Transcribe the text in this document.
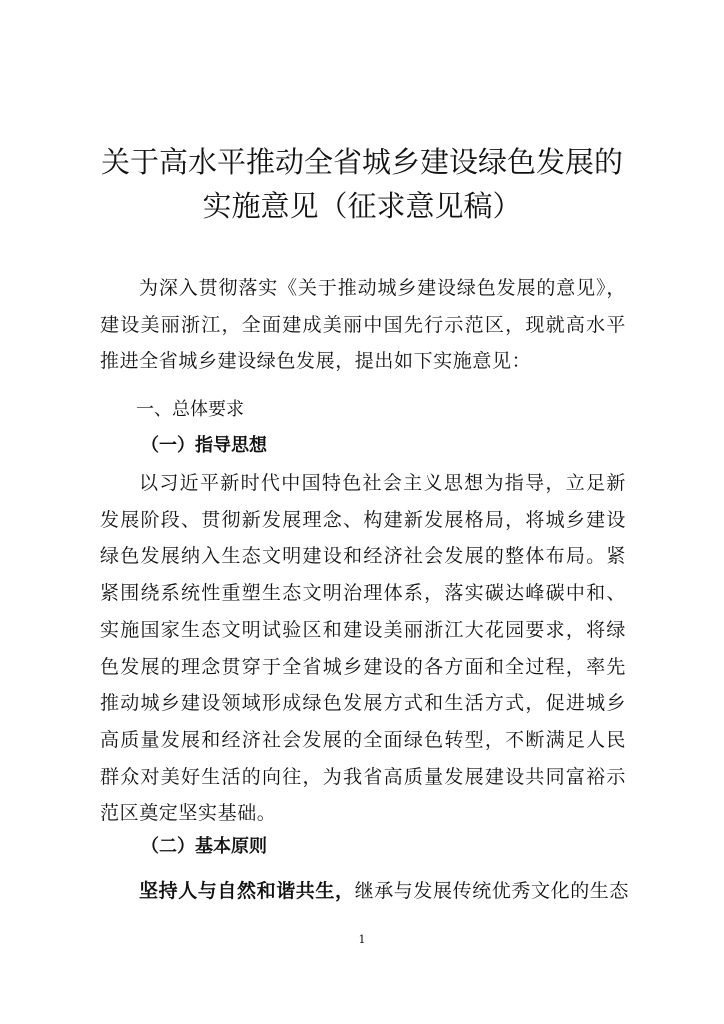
关于高水平推动全省城乡建设绿色发展的
实施意见（征求意见稿）

为深入贯彻落实《关于推动城乡建设绿色发展的意见》，建设美丽浙江，全面建成美丽中国先行示范区，现就高水平推进全省城乡建设绿色发展，提出如下实施意见：

一、总体要求
（一）指导思想

以习近平新时代中国特色社会主义思想为指导，立足新发展阶段、贯彻新发展理念、构建新发展格局，将城乡建设绿色发展纳入生态文明建设和经济社会发展的整体布局。紧紧围绕系统性重塑生态文明治理体系，落实碳达峰碳中和、实施国家生态文明试验区和建设美丽浙江大花园要求，将绿色发展的理念贯穿于全省城乡建设的各方面和全过程，率先推动城乡建设领域形成绿色发展方式和生活方式，促进城乡高质量发展和经济社会发展的全面绿色转型，不断满足人民群众对美好生活的向往，为我省高质量发展建设共同富裕示范区奠定坚实基础。

（二）基本原则
坚持人与自然和谐共生，继承与发展传统优秀文化的生态
1
